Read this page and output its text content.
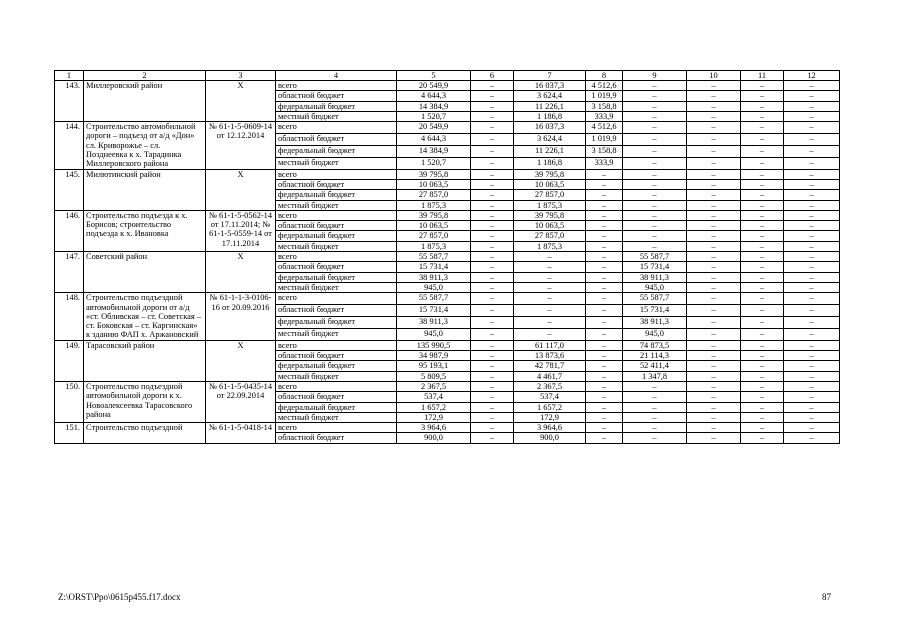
1	2	3	4	5	6	7	8	9	10	11	12
143.	Миллеровский район	Х	всего	20 549,9	–	16 037,3	4 512,6	–	–	–	–
			областной бюджет	4 644,3	–	3 624,4	1 019,9	–	–	–	–
			федеральный бюджет	14 384,9	–	11 226,1	3 158,8	–	–	–	–
			местный бюджет	1 520,7	–	1 186,8	333,9	–	–	–	–
144.	Строительство автомобильной дороги – подъезд от а/д «Дон» сл. Криворожье – сл. Позднеевка к х. Тарадинка Миллеровского района	№ 61-1-5-0609-14 от 12.12.2014	всего	20 549,9	–	16 037,3	4 512,6	–	–	–	–
			областной бюджет	4 644,3	–	3 624,4	1 019,9	–	–	–	–
			федеральный бюджет	14 384,9	–	11 226,1	3 158,8	–	–	–	–
			местный бюджет	1 520,7	–	1 186,8	333,9	–	–	–	–
145.	Милютинский район	Х	всего	39 795,8	–	39 795,8	–	–	–	–	–
			областной бюджет	10 063,5	–	10 063,5	–	–	–	–	–
			федеральный бюджет	27 857,0	–	27 857,0	–	–	–	–	–
			местный бюджет	1 875,3	–	1 875,3	–	–	–	–	–
146.	Строительство подъезда к х. Борисов; строительство подъезда к х. Ивановка	№ 61-1-5-0562-14 от 17.11.2014; № 61-1-5-0559-14 от 17.11.2014	всего	39 795,8	–	39 795,8	–	–	–	–	–
			областной бюджет	10 063,5	–	10 063,5	–	–	–	–	–
			федеральный бюджет	27 857,0	–	27 857,0	–	–	–	–	–
			местный бюджет	1 875,3	–	1 875,3	–	–	–	–	–
147.	Советский район	Х	всего	55 587,7	–	–	–	55 587,7	–	–	–
			областной бюджет	15 731,4	–	–	–	15 731,4	–	–	–
			федеральный бюджет	38 911,3	–	–	–	38 911,3	–	–	–
			местный бюджет	945,0	–	–	–	945,0	–	–	–
148.	Строительство подъездной автомобильной дороги от а/д «ст. Обливская – ст. Советская – ст. Боковская – ст. Каргинская» к зданию ФАП х. Аржановский	№ 61-1-1-3-0106-16 от 20.09.2016	всего	55 587,7	–	–	–	55 587,7	–	–	–
			областной бюджет	15 731,4	–	–	–	15 731,4	–	–	–
			федеральный бюджет	38 911,3	–	–	–	38 911,3	–	–	–
			местный бюджет	945,0	–	–	–	945,0	–	–	–
149.	Тарасовский район	Х	всего	135 990,5	–	61 117,0	–	74 873,5	–	–	–
			областной бюджет	34 987,9	–	13 873,6	–	21 114,3	–	–	–
			федеральный бюджет	95 193,1	–	42 781,7	–	52 411,4	–	–	–
			местный бюджет	5 809,5	–	4 461,7	–	1 347,8	–	–	–
150.	Строительство подъездной автомобильной дороги к х. Новоалексеевка Тарасовского района	№ 61-1-5-0435-14 от 22.09.2014	всего	2 367,5	–	2 367,5	–	–	–	–	–
			областной бюджет	537,4	–	537,4	–	–	–	–	–
			федеральный бюджет	1 657,2	–	1 657,2	–	–	–	–	–
			местный бюджет	172,9	–	172,9	–	–	–	–	–
151.	Строительство подъездной	№ 61-1-5-0418-14	всего	3 964,6	–	3 964,6	–	–	–	–	–
			областной бюджет	900,0	–	900,0	–	–	–	–	–
Z:\ORST\Ppo\0615p455.f17.docx	87
